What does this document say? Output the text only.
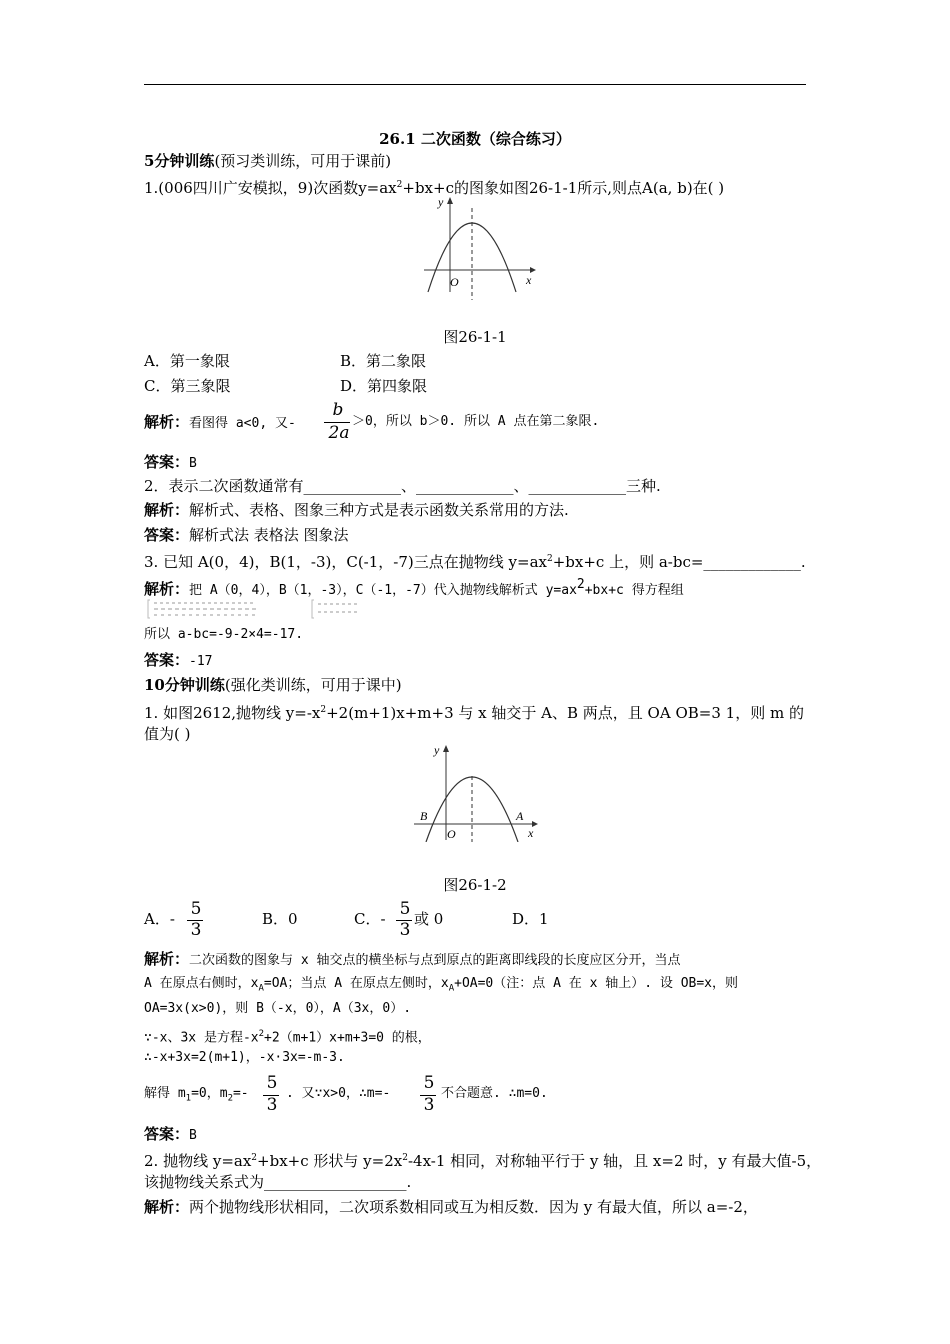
26.1 二次函数（综合练习）
5分钟训练(预习类训练，可用于课前)
1.(006四川广安模拟，9)次函数$y=ax^2+bx+c$的图象如图26-1-1所示,则点A(a, b)在( )
y
x
O
图26-1-1
A．第一象限	B．第二象限
C．第三象限	D．第四象限
解析：看图得 a<0, 又-
b
2a
＞0，所以 b＞0. 所以 A 点在第二象限.
答案：B
2．表示二次函数通常有_____________、_____________、_____________三种.
解析：解析式、表格、图象三种方式是表示函数关系常用的方法.
答案：解析式法 表格法 图象法
3. 已知 A(0，4)，B(1，-3)，C(-1，-7)三点在抛物线 $y=ax^2+bx+c$ 上，则 a-bc=_____________.
解析：把 A（0，4），B（1，-3），C（-1，-7）代入抛物线解析式 $y=ax^2+bx+c$ 得方程组
所以 a-bc=-9-2×4=-17.
答案：-17
10分钟训练(强化类训练，可用于课中)
1. 如图2612,抛物线 $y=-x^2+2(m+1)x+m+3$ 与 x 轴交于 A、B 两点，且 OA OB=3 1，则 m 的
值为( )
y
x
O
B	A
图26-1-2
A．- 5
3
B．0	C．- 5
3
或 0	D．1
解析：二次函数的图象与 x 轴交点的横坐标与点到原点的距离即线段的长度应区分开，当点
A 在原点右侧时，$x_A=OA$；当点 A 在原点左侧时，$x_A+OA=0$（注：点 A 在 x 轴上）. 设 OB=x，则
OA=3x(x>0)，则 B（-x，0），A（3x，0）.
∵-x、3x 是方程$-x^2+2(m+1)x+m+3=0$ 的根，
∴-x+3x=2(m+1)，-x·3x=-m-3.
解得 $m_1=0$，$m_2=-$
5
3
. 又∵x>0，∴m=-
5
3
不合题意. ∴m=0.
答案：B
2. 抛物线 $y=ax^2+bx+c$ 形状与 $y=2x^2-4x-1$ 相同，对称轴平行于 y 轴，且 x=2 时，y 有最大值-5，
该抛物线关系式为___________________.
解析：两个抛物线形状相同，二次项系数相同或互为相反数．因为 y 有最大值，所以 a=-2，
